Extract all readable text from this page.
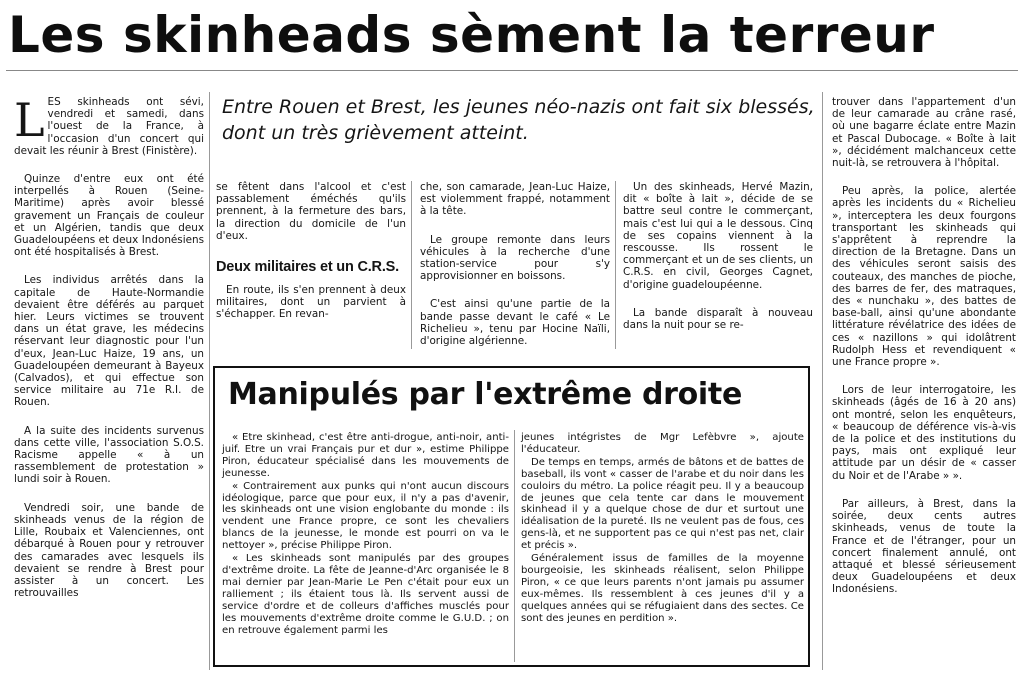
Les skinheads sèment la terreur

LES skinheads ont sévi, vendredi et samedi, dans l'ouest de la France, à l'occasion d'un concert qui devait les réunir à Brest (Finistère).

Quinze d'entre eux ont été interpellés à Rouen (Seine-Maritime) après avoir blessé gravement un Français de couleur et un Algérien, tandis que deux Guadeloupéens et deux Indonésiens ont été hospitalisés à Brest.

Les individus arrêtés dans la capitale de Haute-Normandie devaient être déférés au parquet hier. Leurs victimes se trouvent dans un état grave, les médecins réservant leur diagnostic pour l'un d'eux, Jean-Luc Haize, 19 ans, un Guadeloupéen demeurant à Bayeux (Calvados), et qui effectue son service militaire au 71e R.I. de Rouen.

A la suite des incidents survenus dans cette ville, l'association S.O.S. Racisme appelle « à un rassemblement de protestation » lundi soir à Rouen.

Vendredi soir, une bande de skinheads venus de la région de Lille, Roubaix et Valenciennes, ont débarqué à Rouen pour y retrouver des camarades avec lesquels ils devaient se rendre à Brest pour assister à un concert. Les retrouvailles

Entre Rouen et Brest, les jeunes néo-nazis ont fait six blessés, dont un très grièvement atteint.

se fêtent dans l'alcool et c'est passablement éméchés qu'ils prennent, à la fermeture des bars, la direction du domicile de l'un d'eux.

Deux militaires et un C.R.S.

En route, ils s'en prennent à deux militaires, dont un parvient à s'échapper. En revan-

che, son camarade, Jean-Luc Haize, est violemment frappé, notamment à la tête.

Le groupe remonte dans leurs véhicules à la recherche d'une station-service pour s'y approvisionner en boissons.

C'est ainsi qu'une partie de la bande passe devant le café « Le Richelieu », tenu par Hocine Naïli, d'origine algérienne.

Un des skinheads, Hervé Mazin, dit « boîte à lait », décide de se battre seul contre le commerçant, mais c'est lui qui a le dessous. Cinq de ses copains viennent à la rescousse. Ils rossent le commerçant et un de ses clients, un C.R.S. en civil, Georges Cagnet, d'origine guadeloupéenne.

La bande disparaît à nouveau dans la nuit pour se re-

trouver dans l'appartement d'un de leur camarade au crâne rasé, où une bagarre éclate entre Mazin et Pascal Dubocage. « Boîte à lait », décidément malchanceux cette nuit-là, se retrouvera à l'hôpital.

Peu après, la police, alertée après les incidents du « Richelieu », interceptera les deux fourgons transportant les skinheads qui s'apprêtent à reprendre la direction de la Bretagne. Dans un des véhicules seront saisis des couteaux, des manches de pioche, des barres de fer, des matraques, des « nunchaku », des battes de base-ball, ainsi qu'une abondante littérature révélatrice des idées de ces « nazillons » qui idolâtrent Rudolph Hess et revendiquent « une France propre ».

Lors de leur interrogatoire, les skinheads (âgés de 16 à 20 ans) ont montré, selon les enquêteurs, « beaucoup de déférence vis-à-vis de la police et des institutions du pays, mais ont expliqué leur attitude par un désir de « casser du Noir et de l'Arabe » ».

Par ailleurs, à Brest, dans la soirée, deux cents autres skinheads, venus de toute la France et de l'étranger, pour un concert finalement annulé, ont attaqué et blessé sérieusement deux Guadeloupéens et deux Indonésiens.

Manipulés par l'extrême droite

« Etre skinhead, c'est être anti-drogue, anti-noir, anti-juif. Etre un vrai Français pur et dur », estime Philippe Piron, éducateur spécialisé dans les mouvements de jeunesse.

« Contrairement aux punks qui n'ont aucun discours idéologique, parce que pour eux, il n'y a pas d'avenir, les skinheads ont une vision englobante du monde : ils vendent une France propre, ce sont les chevaliers blancs de la jeunesse, le monde est pourri on va le nettoyer », précise Philippe Piron.

« Les skinheads sont manipulés par des groupes d'extrême droite. La fête de Jeanne-d'Arc organisée le 8 mai dernier par Jean-Marie Le Pen c'était pour eux un ralliement ; ils étaient tous là. Ils servent aussi de service d'ordre et de colleurs d'affiches musclés pour les mouvements d'extrême droite comme le G.U.D. ; on en retrouve également parmi les

jeunes intégristes de Mgr Lefèbvre », ajoute l'éducateur.

De temps en temps, armés de bâtons et de battes de baseball, ils vont « casser de l'arabe et du noir dans les couloirs du métro. La police réagit peu. Il y a beaucoup de jeunes que cela tente car dans le mouvement skinhead il y a quelque chose de dur et surtout une idéalisation de la pureté. Ils ne veulent pas de fous, ces gens-là, et ne supportent pas ce qui n'est pas net, clair et précis ».

Généralement issus de familles de la moyenne bourgeoisie, les skinheads réalisent, selon Philippe Piron, « ce que leurs parents n'ont jamais pu assumer eux-mêmes. Ils ressemblent à ces jeunes d'il y a quelques années qui se réfugiaient dans des sectes. Ce sont des jeunes en perdition ».
